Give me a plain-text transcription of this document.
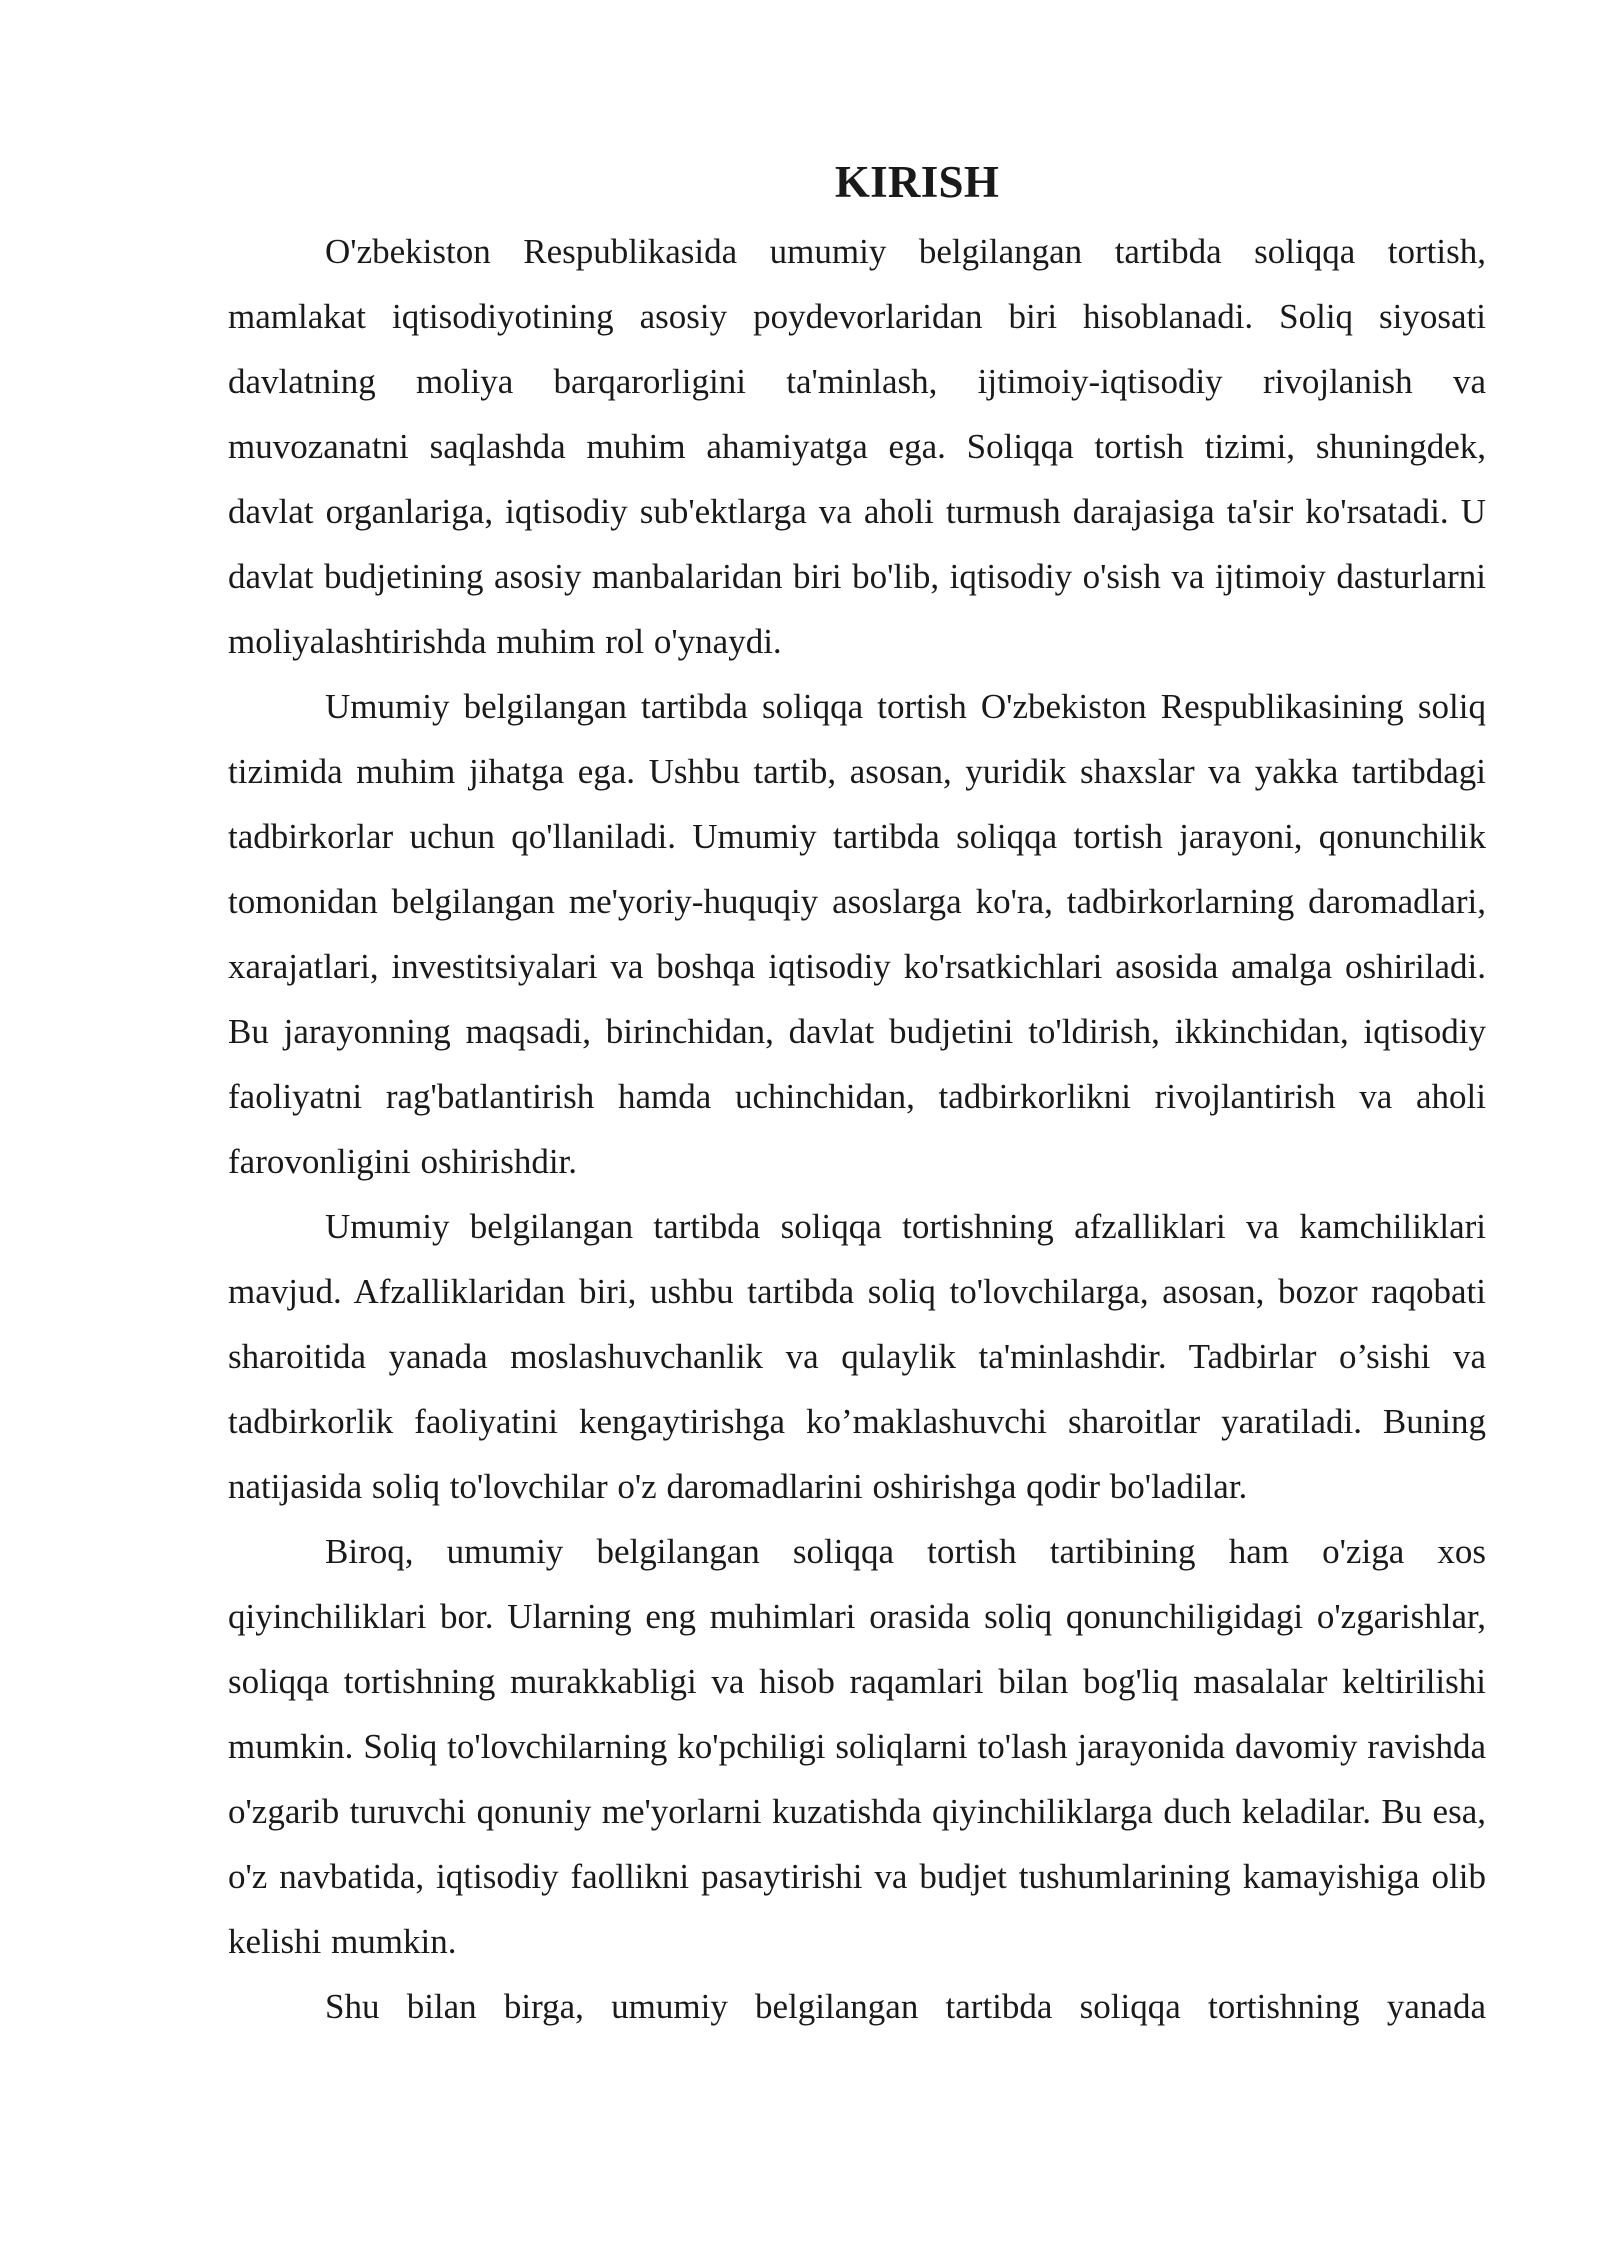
KIRISH

O'zbekiston Respublikasida umumiy belgilangan tartibda soliqqa tortish, mamlakat iqtisodiyotining asosiy poydevorlaridan biri hisoblanadi. Soliq siyosati davlatning moliya barqarorligini ta'minlash, ijtimoiy-iqtisodiy rivojlanish va muvozanatni saqlashda muhim ahamiyatga ega. Soliqqa tortish tizimi, shuningdek, davlat organlariga, iqtisodiy sub'ektlarga va aholi turmush darajasiga ta'sir ko'rsatadi. U davlat budjetining asosiy manbalaridan biri bo'lib, iqtisodiy o'sish va ijtimoiy dasturlarni moliyalashtirishda muhim rol o'ynaydi.

Umumiy belgilangan tartibda soliqqa tortish O'zbekiston Respublikasining soliq tizimida muhim jihatga ega. Ushbu tartib, asosan, yuridik shaxslar va yakka tartibdagi tadbirkorlar uchun qo'llaniladi. Umumiy tartibda soliqqa tortish jarayoni, qonunchilik tomonidan belgilangan me'yoriy-huquqiy asoslarga ko'ra, tadbirkorlarning daromadlari, xarajatlari, investitsiyalari va boshqa iqtisodiy ko'rsatkichlari asosida amalga oshiriladi. Bu jarayonning maqsadi, birinchidan, davlat budjetini to'ldirish, ikkinchidan, iqtisodiy faoliyatni rag'batlantirish hamda uchinchidan, tadbirkorlikni rivojlantirish va aholi farovonligini oshirishdir.

Umumiy belgilangan tartibda soliqqa tortishning afzalliklari va kamchiliklari mavjud. Afzalliklaridan biri, ushbu tartibda soliq to'lovchilarga, asosan, bozor raqobati sharoitida yanada moslashuvchanlik va qulaylik ta'minlashdir. Tadbirlar o’sishi va tadbirkorlik faoliyatini kengaytirishga ko’maklashuvchi sharoitlar yaratiladi. Buning natijasida soliq to'lovchilar o'z daromadlarini oshirishga qodir bo'ladilar.

Biroq, umumiy belgilangan soliqqa tortish tartibining ham o'ziga xos qiyinchiliklari bor. Ularning eng muhimlari orasida soliq qonunchiligidagi o'zgarishlar, soliqqa tortishning murakkabligi va hisob raqamlari bilan bog'liq masalalar keltirilishi mumkin. Soliq to'lovchilarning ko'pchiligi soliqlarni to'lash jarayonida davomiy ravishda o'zgarib turuvchi qonuniy me'yorlarni kuzatishda qiyinchiliklarga duch keladilar. Bu esa, o'z navbatida, iqtisodiy faollikni pasaytirishi va budjet tushumlarining kamayishiga olib kelishi mumkin.

Shu bilan birga, umumiy belgilangan tartibda soliqqa tortishning yanada
